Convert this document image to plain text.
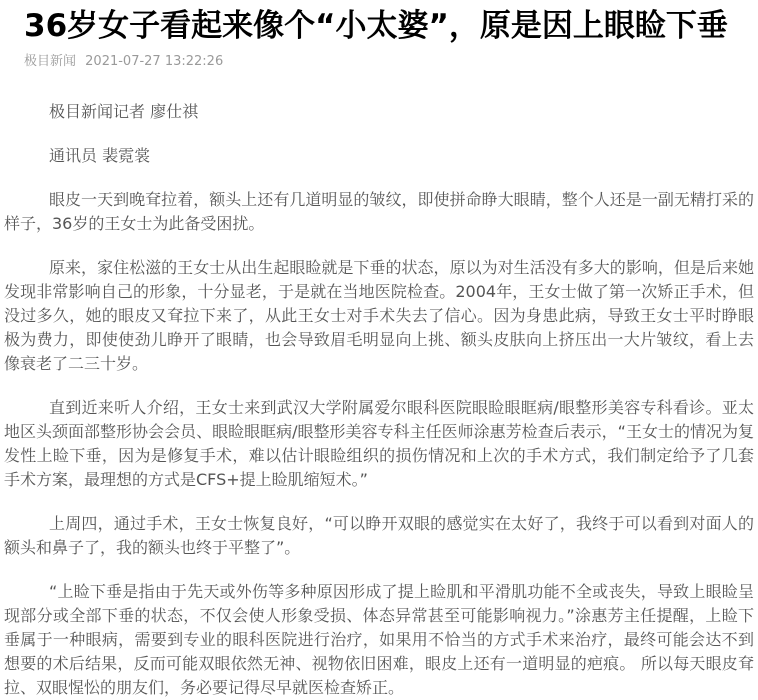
36岁女子看起来像个“小太婆”，原是因上眼睑下垂
极目新闻 2021-07-27 13:22:26

极目新闻记者 廖仕祺

通讯员 裴霓裳

眼皮一天到晚耷拉着，额头上还有几道明显的皱纹，即使拼命睁大眼睛，整个人还是一副无精打采的样子，36岁的王女士为此备受困扰。

原来，家住松滋的王女士从出生起眼睑就是下垂的状态，原以为对生活没有多大的影响，但是后来她发现非常影响自己的形象，十分显老，于是就在当地医院检查。2004年，王女士做了第一次矫正手术，但没过多久，她的眼皮又耷拉下来了，从此王女士对手术失去了信心。因为身患此病，导致王女士平时睁眼极为费力，即使使劲儿睁开了眼睛，也会导致眉毛明显向上挑、额头皮肤向上挤压出一大片皱纹，看上去像衰老了二三十岁。

直到近来听人介绍，王女士来到武汉大学附属爱尔眼科医院眼睑眼眶病/眼整形美容专科看诊。亚太地区头颈面部整形协会会员、眼睑眼眶病/眼整形美容专科主任医师涂惠芳检查后表示，“王女士的情况为复发性上睑下垂，因为是修复手术，难以估计眼睑组织的损伤情况和上次的手术方式，我们制定给予了几套手术方案，最理想的方式是CFS+提上睑肌缩短术。”

上周四，通过手术，王女士恢复良好，“可以睁开双眼的感觉实在太好了，我终于可以看到对面人的额头和鼻子了，我的额头也终于平整了”。

“上睑下垂是指由于先天或外伤等多种原因形成了提上睑肌和平滑肌功能不全或丧失，导致上眼睑呈现部分或全部下垂的状态，不仅会使人形象受损、体态异常甚至可能影响视力。”涂惠芳主任提醒，上睑下垂属于一种眼病，需要到专业的眼科医院进行治疗，如果用不恰当的方式手术来治疗，最终可能会达不到想要的术后结果，反而可能双眼依然无神、视物依旧困难，眼皮上还有一道明显的疤痕。 所以每天眼皮耷拉、双眼惺忪的朋友们，务必要记得尽早就医检查矫正。
